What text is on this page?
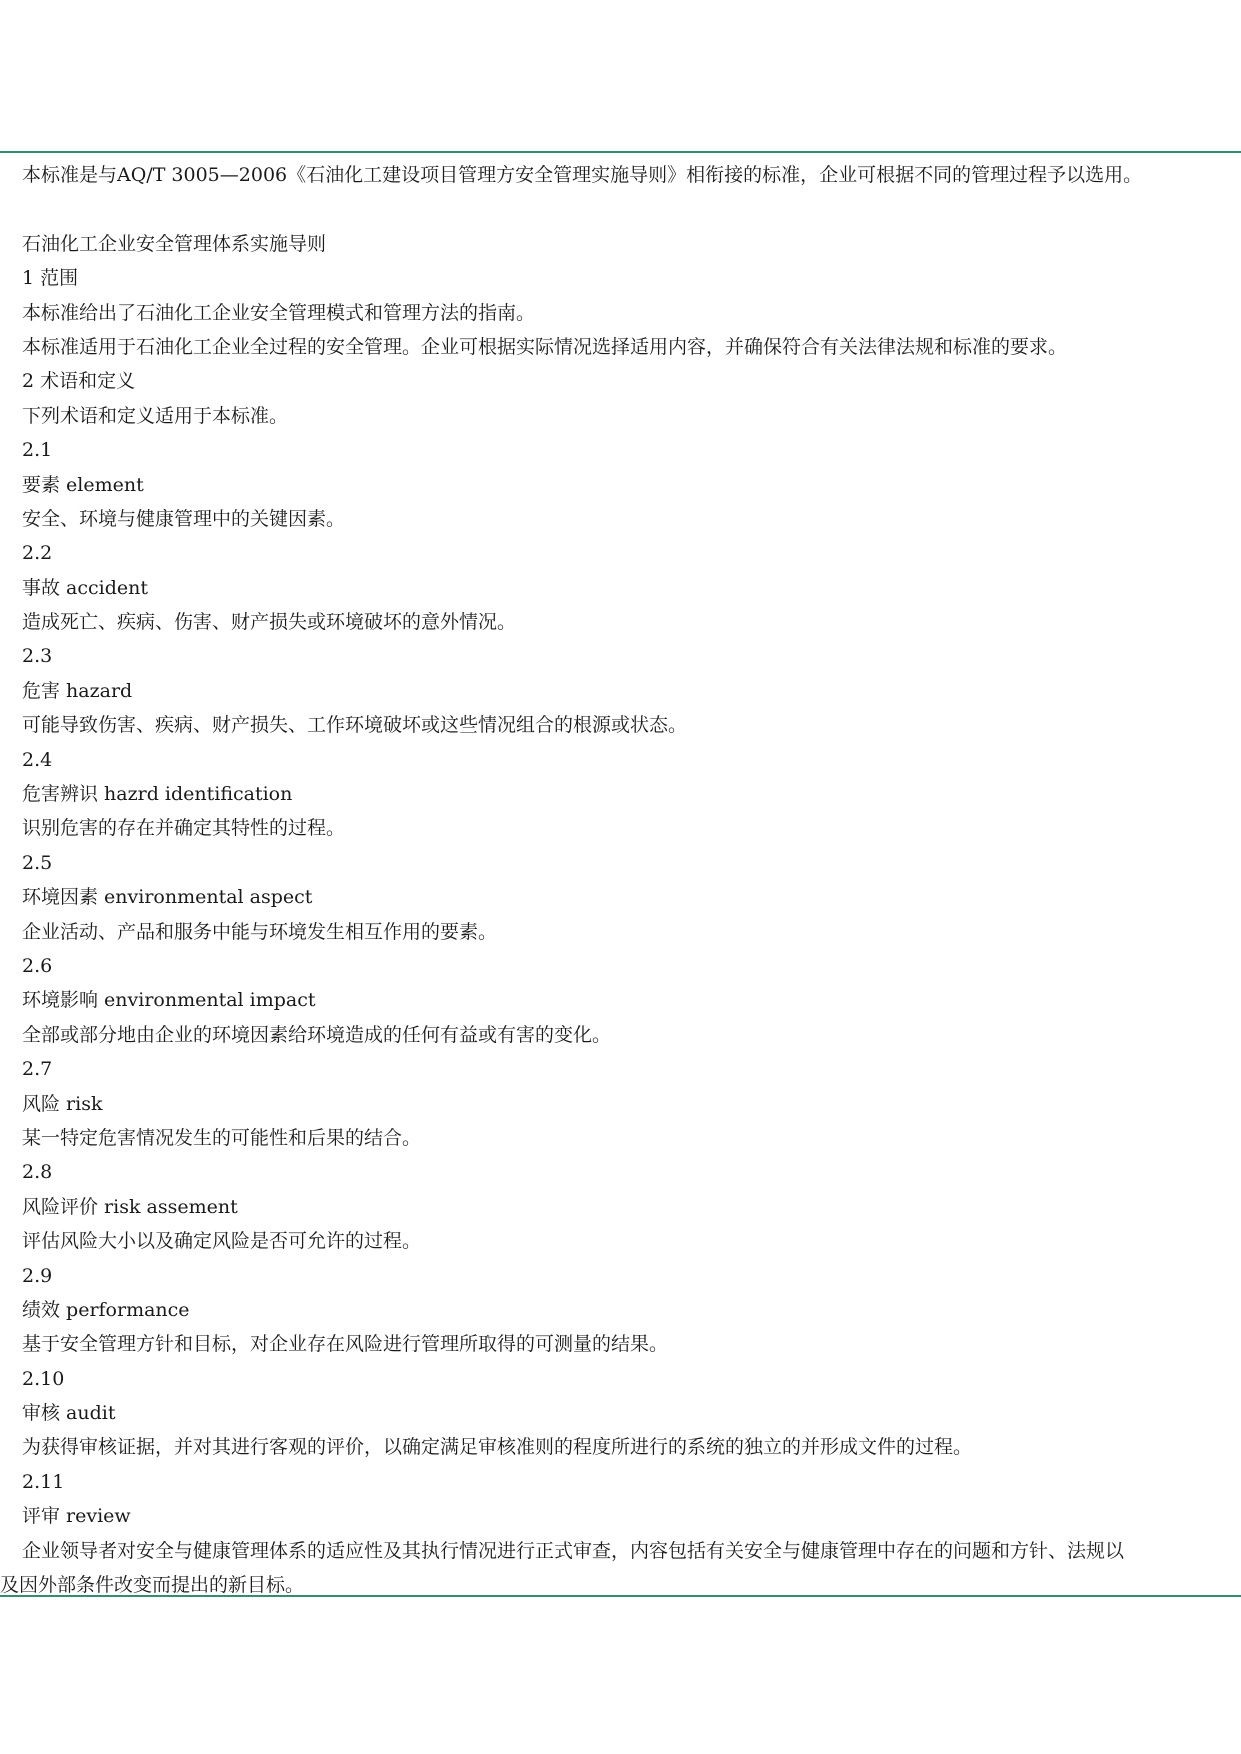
本标准是与AQ/T 3005—2006《石油化工建设项目管理方安全管理实施导则》相衔接的标准，企业可根据不同的管理过程予以选用。
石油化工企业安全管理体系实施导则
1 范围
本标准给出了石油化工企业安全管理模式和管理方法的指南。
本标准适用于石油化工企业全过程的安全管理。企业可根据实际情况选择适用内容，并确保符合有关法律法规和标准的要求。
2 术语和定义
下列术语和定义适用于本标准。
2.1
要素 element
安全、环境与健康管理中的关键因素。
2.2
事故 accident
造成死亡、疾病、伤害、财产损失或环境破坏的意外情况。
2.3
危害 hazard
可能导致伤害、疾病、财产损失、工作环境破坏或这些情况组合的根源或状态。
2.4
危害辨识 hazrd identification
识别危害的存在并确定其特性的过程。
2.5
环境因素 environmental aspect
企业活动、产品和服务中能与环境发生相互作用的要素。
2.6
环境影响 environmental impact
全部或部分地由企业的环境因素给环境造成的任何有益或有害的变化。
2.7
风险 risk
某一特定危害情况发生的可能性和后果的结合。
2.8
风险评价 risk assement
评估风险大小以及确定风险是否可允许的过程。
2.9
绩效 performance
基于安全管理方针和目标，对企业存在风险进行管理所取得的可测量的结果。
2.10
审核 audit
为获得审核证据，并对其进行客观的评价，以确定满足审核准则的程度所进行的系统的独立的并形成文件的过程。
2.11
评审 review
企业领导者对安全与健康管理体系的适应性及其执行情况进行正式审查，内容包括有关安全与健康管理中存在的问题和方针、法规以
及因外部条件改变而提出的新目标。
